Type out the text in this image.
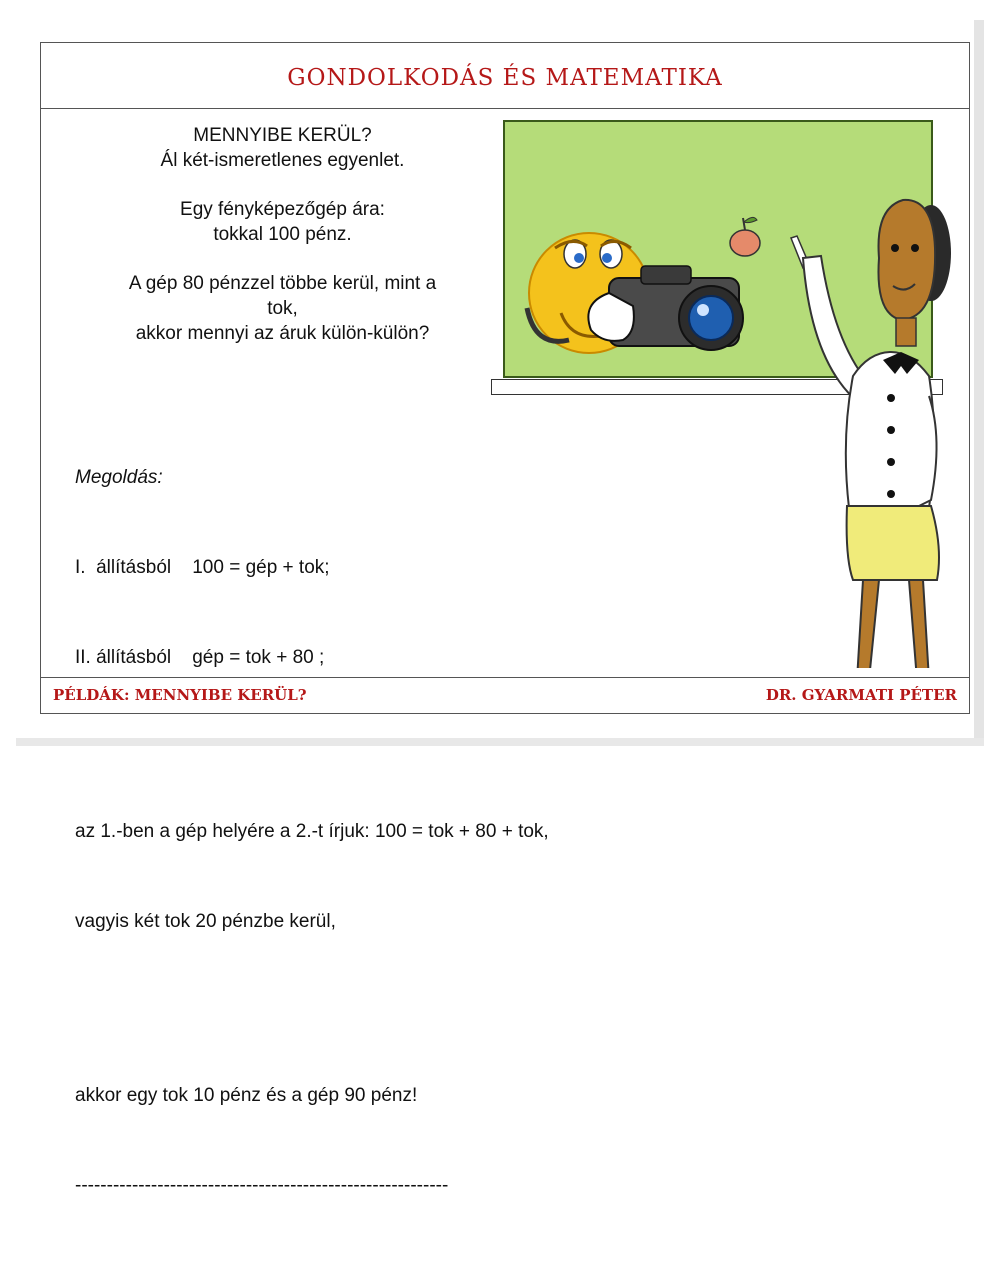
GONDOLKODÁS ÉS MATEMATIKA
MENNYIBE KERÜL?
Ál két-ismeretlenes egyenlet.
Egy fényképezőgép ára:
tokkal 100 pénz.
A gép 80 pénzzel többe kerül, mint a
tok,
akkor mennyi az áruk külön-külön?

Megoldás:

I.  állításból    100 = gép + tok;

II. állításból    gép = tok + 80 ;

az 1.-ben a gép helyére a 2.-t írjuk: 100 = tok + 80 + tok,

vagyis két tok 20 pénzbe kerül,

akkor egy tok 10 pénz és a gép 90 pénz!

-----------------------------------------------------------

PÉLDÁK: MENNYIBE KERÜL?	DR. GYARMATI PÉTER
